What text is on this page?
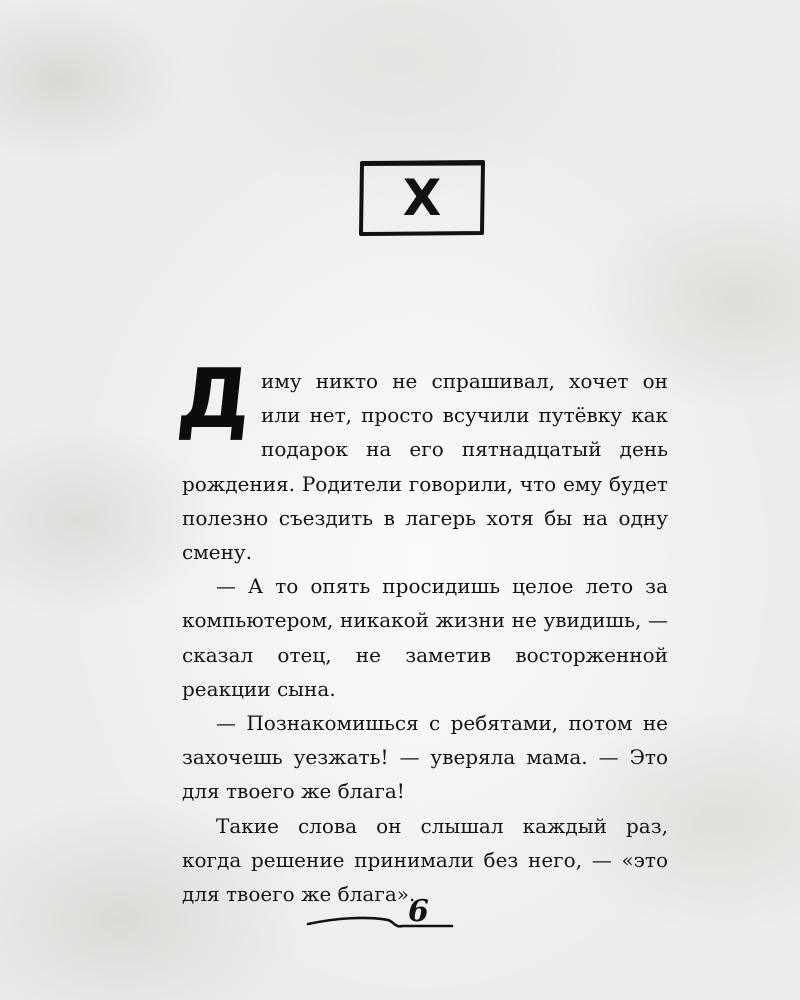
X

Диму никто не спрашивал, хочет он или нет, просто всучили путёвку как подарок на его пятнадцатый день рождения. Родители говорили, что ему будет полезно съездить в лагерь хотя бы на одну смену.

— А то опять просидишь целое лето за компьютером, никакой жизни не увидишь, — сказал отец, не заметив восторженной реакции сына.

— Познакомишься с ребятами, потом не захочешь уезжать! — уверяла мама. — Это для твоего же блага!

Такие слова он слышал каждый раз, когда решение принимали без него, — «это для твоего же блага».

6
